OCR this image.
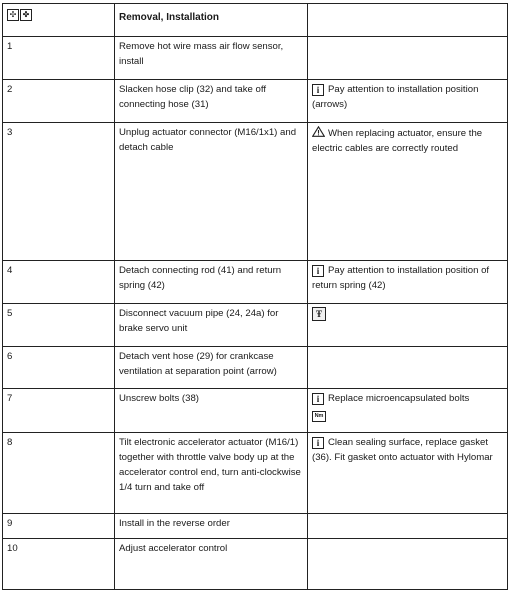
✣ ✤	Removal, Installation	
1	Remove hot wire mass air flow sensor, install	
2	Slacken hose clip (32) and take off connecting hose (31)	i Pay attention to installation position (arrows)
3	Unplug actuator connector (M16/1x1) and detach cable	When replacing actuator, ensure the electric cables are correctly routed
4	Detach connecting rod (41) and return spring (42)	i Pay attention to installation position of return spring (42)
5	Disconnect vacuum pipe (24, 24a) for brake servo unit	Ŧ
6	Detach vent hose (29) for crankcase ventilation at separation point (arrow)	
7	Unscrew bolts (38)	i Replace microencapsulated bolts
Nm
8	Tilt electronic accelerator actuator (M16/1) together with throttle valve body up at the accelerator control end, turn anti-clockwise 1/4 turn and take off	i Clean sealing surface, replace gasket (36). Fit gasket onto actuator with Hylomar
9	Install in the reverse order	
10	Adjust accelerator control	
